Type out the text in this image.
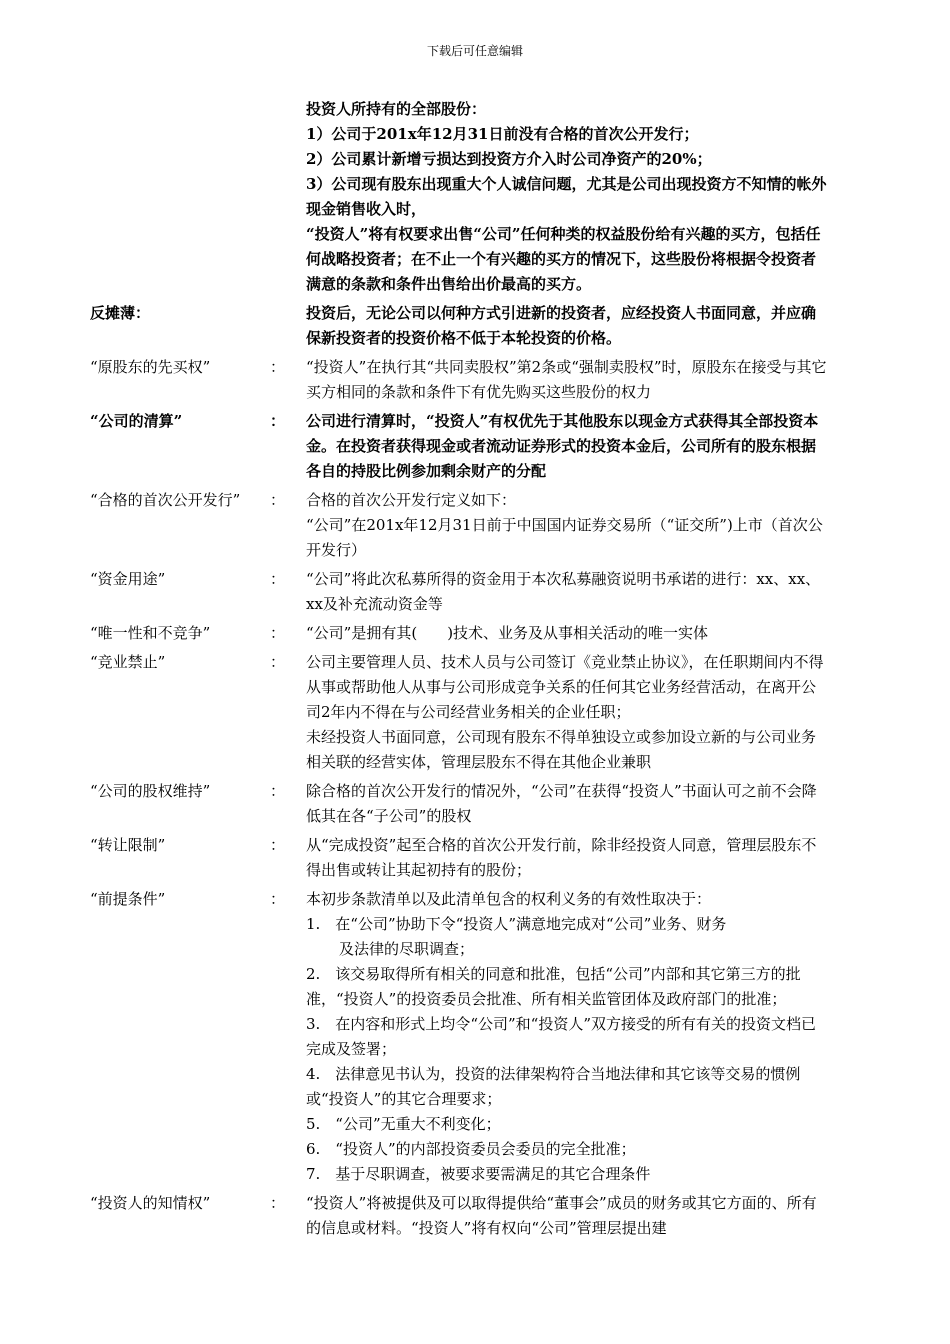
下载后可任意编辑
投资人所持有的全部股份：
1）公司于201x年12月31日前没有合格的首次公开发行；
2）公司累计新增亏损达到投资方介入时公司净资产的20%；
3）公司现有股东出现重大个人诚信问题，尤其是公司出现投资方不知情的帐外现金销售收入时，
“投资人”将有权要求出售“公司”任何种类的权益股份给有兴趣的买方，包括任何战略投资者；在不止一个有兴趣的买方的情况下，这些股份将根据令投资者满意的条款和条件出售给出价最高的买方。
反摊薄：	投资后，无论公司以何种方式引进新的投资者，应经投资人书面同意，并应确保新投资者的投资价格不低于本轮投资的价格。
“原股东的先买权”	：	“投资人”在执行其“共同卖股权”第2条或“强制卖股权”时，原股东在接受与其它买方相同的条款和条件下有优先购买这些股份的权力
“公司的清算”	：	公司进行清算时，“投资人”有权优先于其他股东以现金方式获得其全部投资本金。在投资者获得现金或者流动证券形式的投资本金后，公司所有的股东根据各自的持股比例参加剩余财产的分配
“合格的首次公开发行”	：	合格的首次公开发行定义如下：
“公司”在201x年12月31日前于中国国内证券交易所（“证交所”)上市（首次公开发行）
“资金用途”	：	“公司”将此次私募所得的资金用于本次私募融资说明书承诺的进行：xx、xx、xx及补充流动资金等
“唯一性和不竞争”	：	“公司”是拥有其(　　)技术、业务及从事相关活动的唯一实体
“竞业禁止”	：	公司主要管理人员、技术人员与公司签订《竞业禁止协议》，在任职期间内不得从事或帮助他人从事与公司形成竞争关系的任何其它业务经营活动，在离开公司2年内不得在与公司经营业务相关的企业任职；
未经投资人书面同意，公司现有股东不得单独设立或参加设立新的与公司业务相关联的经营实体，管理层股东不得在其他企业兼职
“公司的股权维持”	：	除合格的首次公开发行的情况外，“公司”在获得“投资人”书面认可之前不会降低其在各“子公司”的股权
“转让限制”	：	从“完成投资”起至合格的首次公开发行前，除非经投资人同意，管理层股东不得出售或转让其起初持有的股份；
“前提条件”	：	本初步条款清单以及此清单包含的权利义务的有效性取决于：
1.　在“公司”协助下令“投资人”满意地完成对“公司”业务、财务
及法律的尽职调查；
2.　该交易取得所有相关的同意和批准，包括“公司”内部和其它第三方的批准，“投资人”的投资委员会批准、所有相关监管团体及政府部门的批准；
3.　在内容和形式上均令“公司”和“投资人”双方接受的所有有关的投资文档已完成及签署；
4.　法律意见书认为，投资的法律架构符合当地法律和其它该等交易的惯例或“投资人”的其它合理要求；
5.　“公司”无重大不利变化；
6.　“投资人”的内部投资委员会委员的完全批准；
7.　基于尽职调查，被要求要需满足的其它合理条件
“投资人的知情权”	：	“投资人”将被提供及可以取得提供给“董事会”成员的财务或其它方面的、所有的信息或材料。“投资人”将有权向“公司”管理层提出建
